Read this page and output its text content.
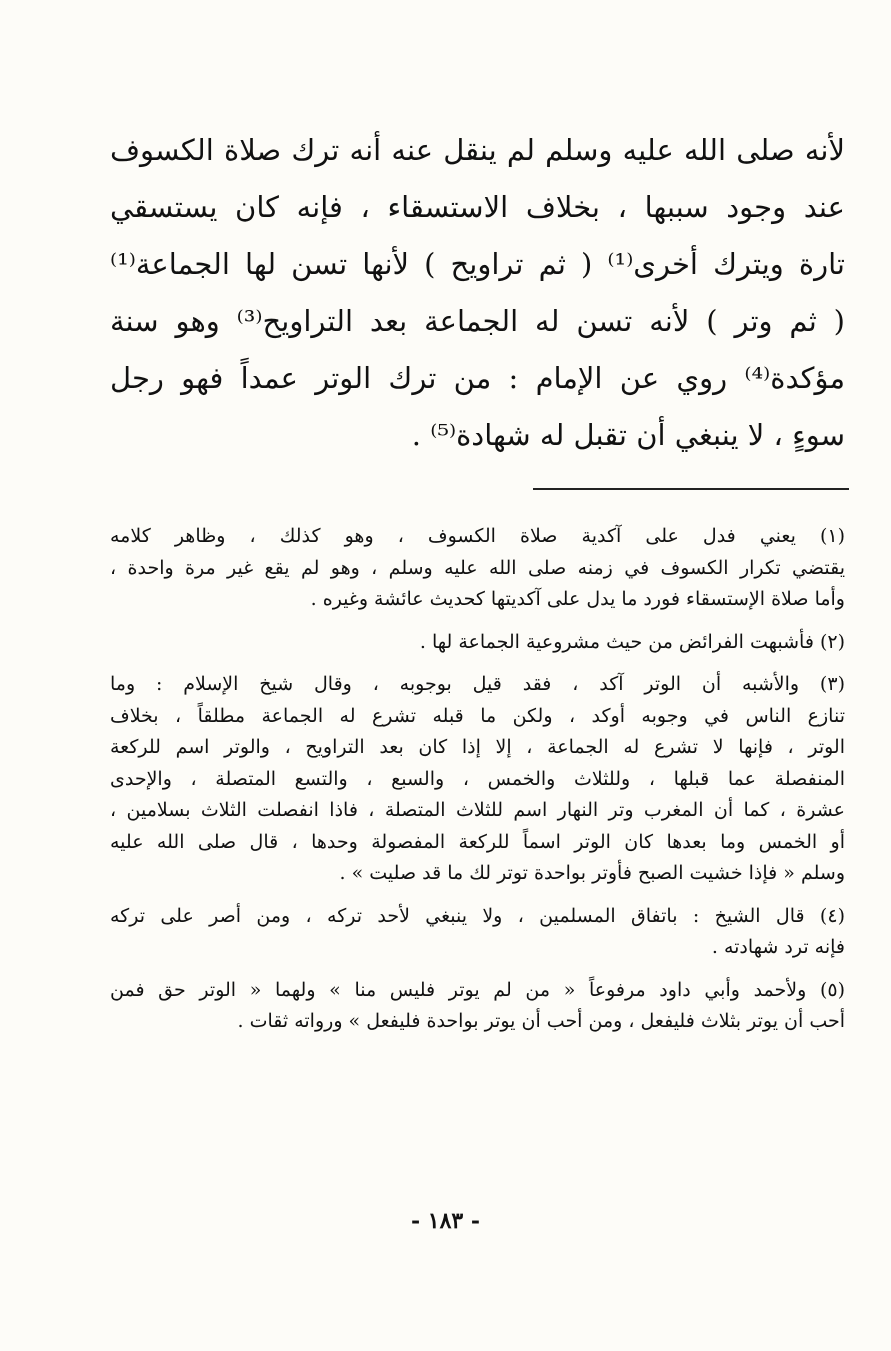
لأنه صلى الله عليه وسلم لم ينقل عنه أنه ترك صلاة الكسوف
عند وجود سببها ، بخلاف الاستسقاء ، فإنه كان يستسقي
تارة ويترك أخرى⁽¹⁾ ( ثم تراويح ) لأنها تسن لها الجماعة⁽¹⁾
( ثم وتر ) لأنه تسن له الجماعة بعد التراويح⁽³⁾ وهو سنة
مؤكدة⁽⁴⁾ روي عن الإمام : من ترك الوتر عمداً فهو رجل
سوءٍ ، لا ينبغي أن تقبل له شهادة⁽⁵⁾ .
(١) يعني فدل على آكدية صلاة الكسوف ، وهو كذلك ، وظاهر كلامه
يقتضي تكرار الكسوف في زمنه صلى الله عليه وسلم ، وهو لم يقع غير مرة واحدة ،
وأما صلاة الإستسقاء فورد ما يدل على آكديتها كحديث عائشة وغيره .
(٢) فأشبهت الفرائض من حيث مشروعية الجماعة لها .
(٣) والأشبه أن الوتر آكد ، فقد قيل بوجوبه ، وقال شيخ الإسلام : وما
تنازع الناس في وجوبه أوكد ، ولكن ما قبله تشرع له الجماعة مطلقاً ، بخلاف
الوتر ، فإنها لا تشرع له الجماعة ، إلا إذا كان بعد التراويح ، والوتر اسم للركعة
المنفصلة عما قبلها ، وللثلاث والخمس ، والسبع ، والتسع المتصلة ، والإحدى
عشرة ، كما أن المغرب وتر النهار اسم للثلاث المتصلة ، فاذا انفصلت الثلاث بسلامين ،
أو الخمس وما بعدها كان الوتر اسماً للركعة المفصولة وحدها ، قال صلى الله عليه
وسلم « فإذا خشيت الصبح فأوتر بواحدة توتر لك ما قد صليت » .
(٤) قال الشيخ : باتفاق المسلمين ، ولا ينبغي لأحد تركه ، ومن أصر على تركه
فإنه ترد شهادته .
(٥) ولأحمد وأبي داود مرفوعاً « من لم يوتر فليس منا » ولهما « الوتر حق فمن
أحب أن يوتر بثلاث فليفعل ، ومن أحب أن يوتر بواحدة فليفعل » ورواته ثقات .
- ١٨٣ -
